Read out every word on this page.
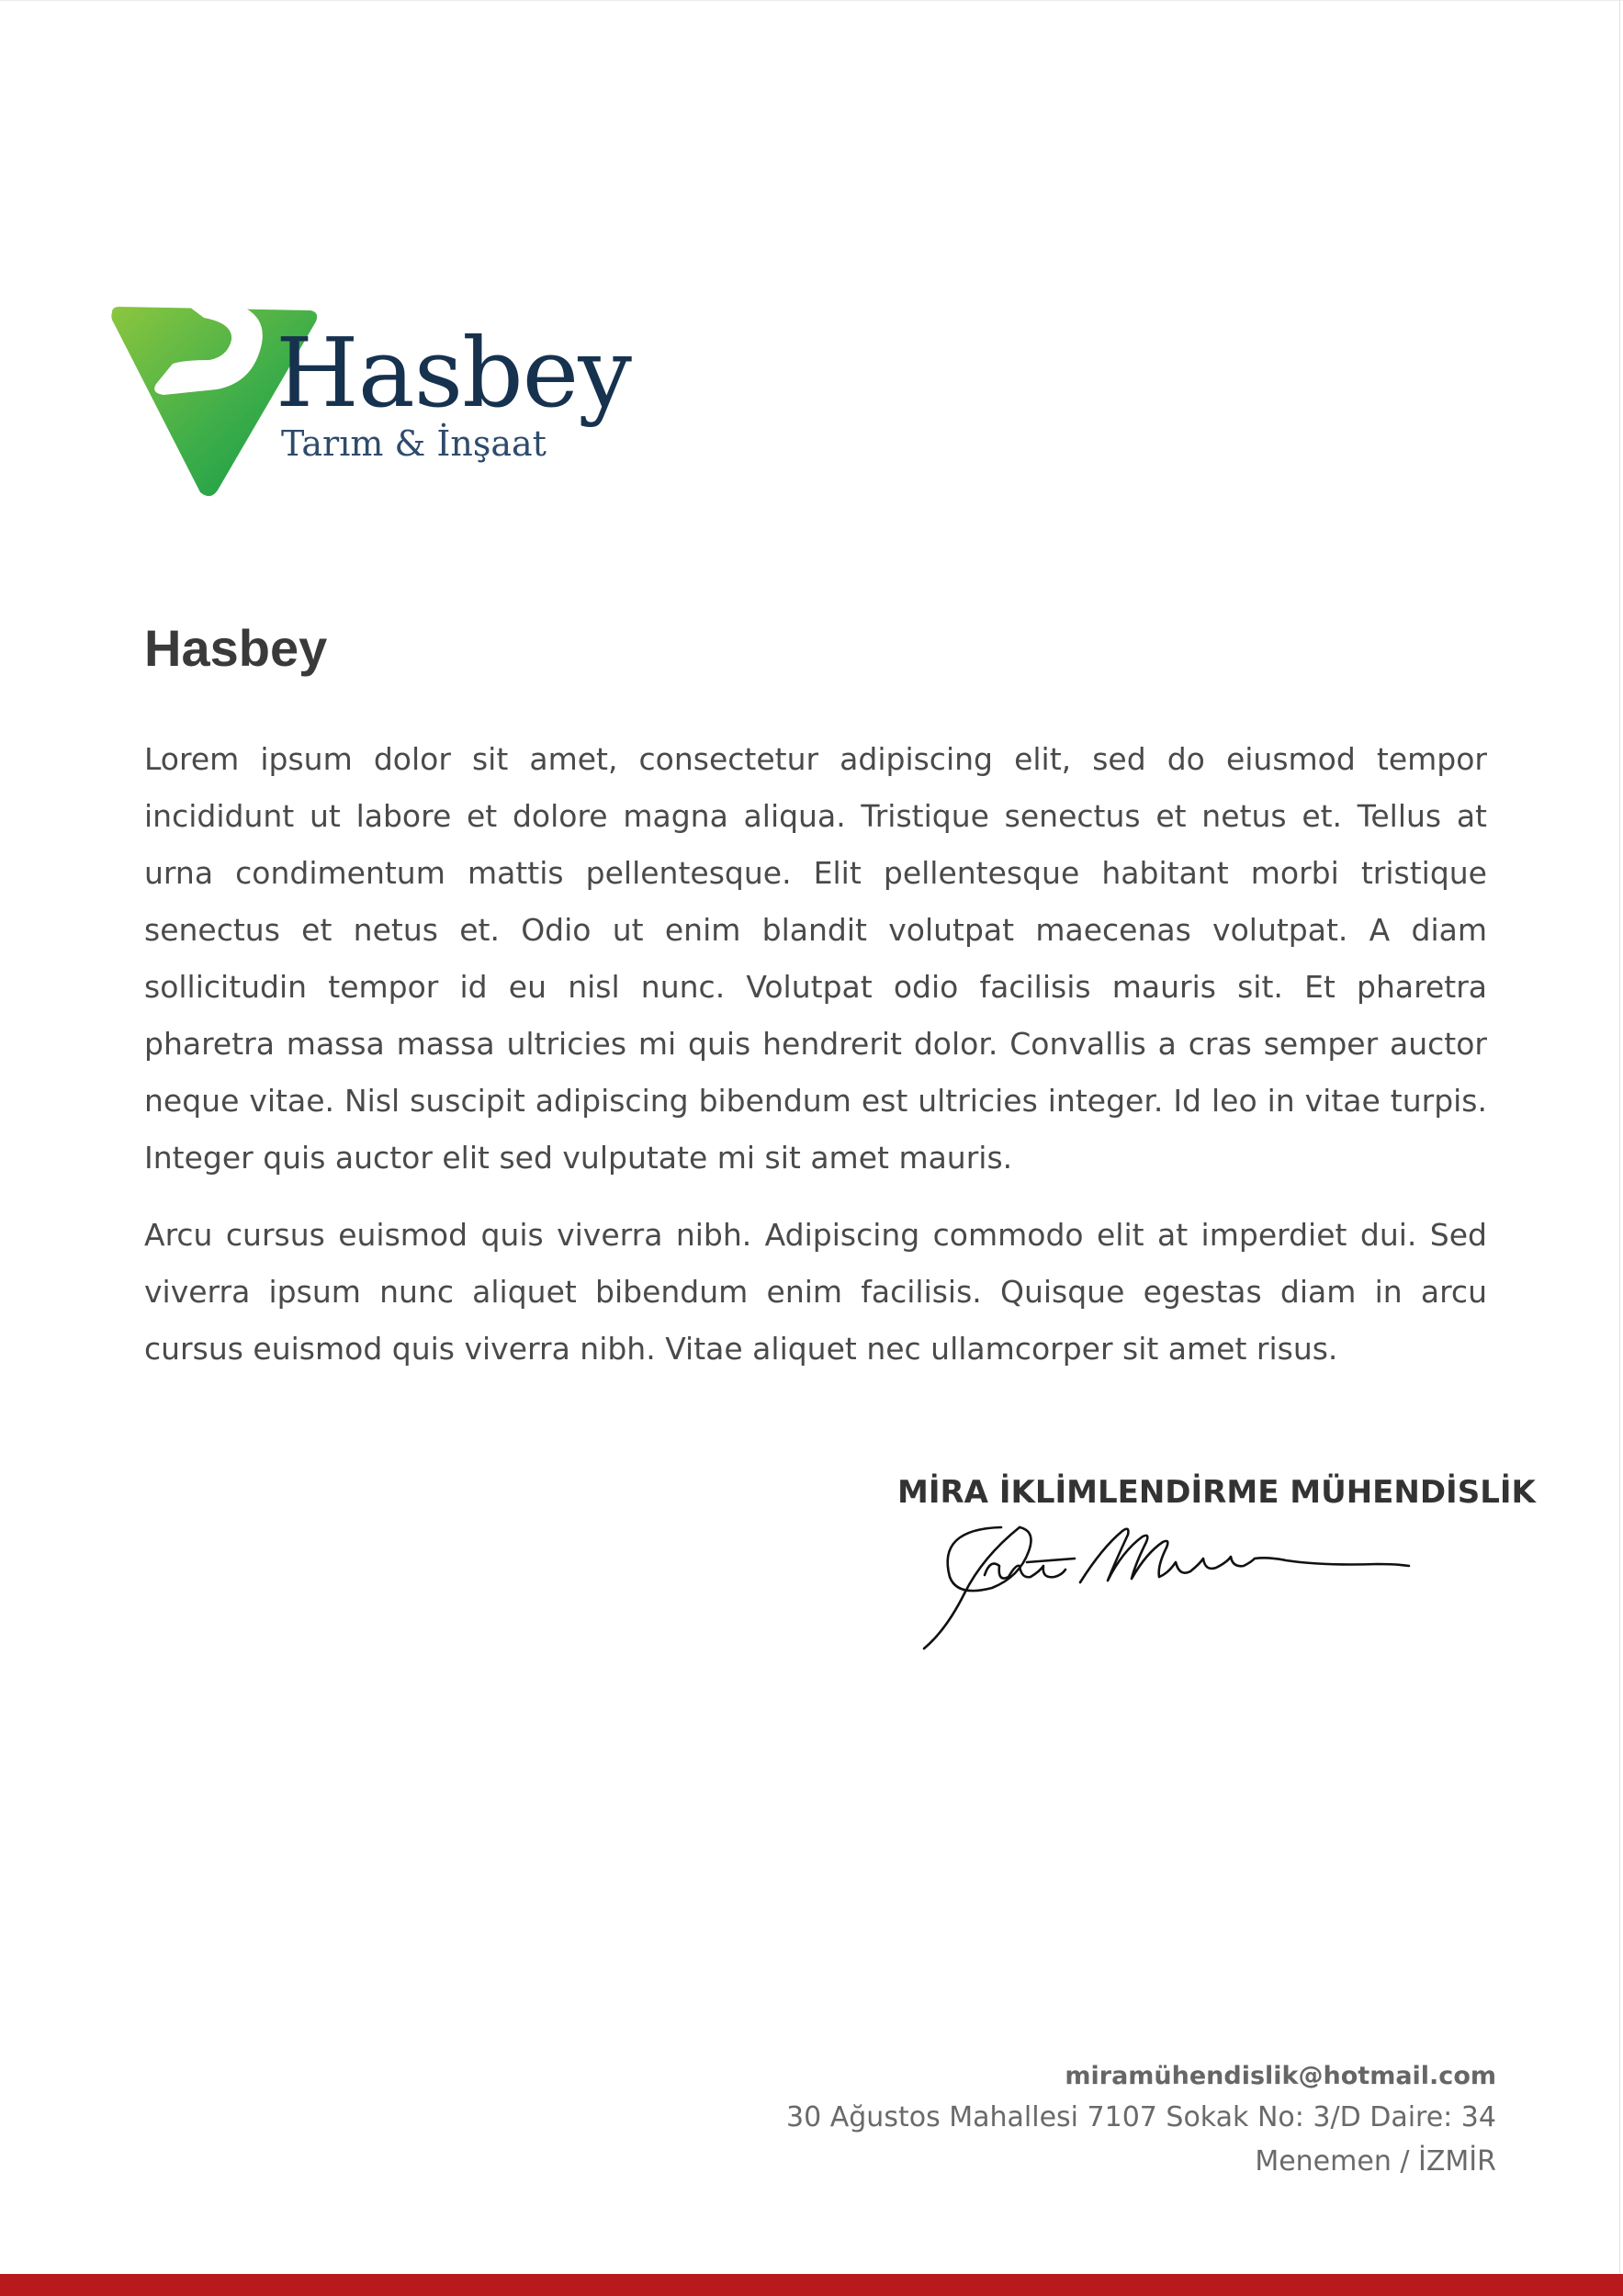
Hasbey
Tarım & İnşaat
Hasbey

Lorem ipsum dolor sit amet, consectetur adipiscing elit, sed do eiusmod tempor incididunt ut labore et dolore magna aliqua. Tristique senectus et netus et. Tellus at urna condimentum mattis pellentesque. Elit pellentesque habitant morbi tristique senectus et netus et. Odio ut enim blandit volutpat maecenas volutpat. A diam sollicitudin tempor id eu nisl nunc. Volutpat odio facilisis mauris sit. Et pharetra pharetra massa massa ultricies mi quis hendrerit dolor. Convallis a cras semper auctor neque vitae. Nisl suscipit adipiscing bibendum est ultricies integer. Id leo in vitae turpis. Integer quis auctor elit sed vulputate mi sit amet mauris.

Arcu cursus euismod quis viverra nibh. Adipiscing commodo elit at imperdiet dui. Sed viverra ipsum nunc aliquet bibendum enim facilisis. Quisque egestas diam in arcu cursus euismod quis viverra nibh. Vitae aliquet nec ullamcorper sit amet risus.

MİRA İKLİMLENDİRME MÜHENDİSLİK
miramühendislik@hotmail.com
30 Ağustos Mahallesi 7107 Sokak No: 3/D Daire: 34
Menemen / İZMİR
